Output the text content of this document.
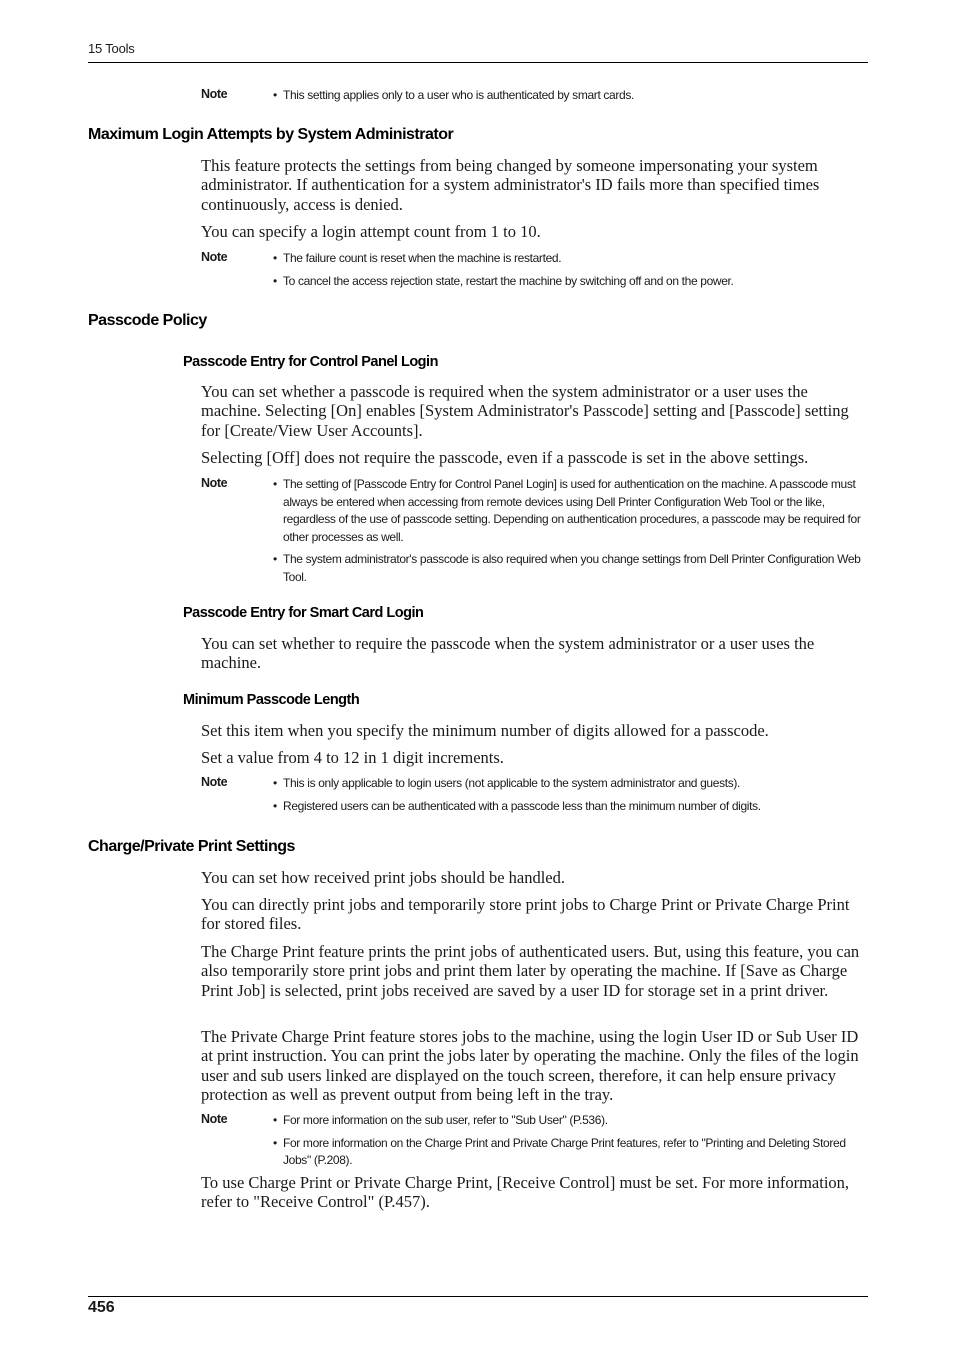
15 Tools
Note	• This setting applies only to a user who is authenticated by smart cards.
Maximum Login Attempts by System Administrator

This feature protects the settings from being changed by someone impersonating your system administrator. If authentication for a system administrator's ID fails more than specified times continuously, access is denied.

You can specify a login attempt count from 1 to 10.

Note	• The failure count is reset when the machine is restarted.
• To cancel the access rejection state, restart the machine by switching off and on the power.
Passcode Policy
Passcode Entry for Control Panel Login

You can set whether a passcode is required when the system administrator or a user uses the machine. Selecting [On] enables [System Administrator's Passcode] setting and [Passcode] setting for [Create/View User Accounts].

Selecting [Off] does not require the passcode, even if a passcode is set in the above settings.

Note	• The setting of [Passcode Entry for Control Panel Login] is used for authentication on the machine. A passcode must always be entered when accessing from remote devices using Dell Printer Configuration Web Tool or the like, regardless of the use of passcode setting. Depending on authentication procedures, a passcode may be required for other processes as well.
• The system administrator's passcode is also required when you change settings from Dell Printer Configuration Web Tool.
Passcode Entry for Smart Card Login

You can set whether to require the passcode when the system administrator or a user uses the machine.

Minimum Passcode Length

Set this item when you specify the minimum number of digits allowed for a passcode.

Set a value from 4 to 12 in 1 digit increments.

Note	• This is only applicable to login users (not applicable to the system administrator and guests).
• Registered users can be authenticated with a passcode less than the minimum number of digits.
Charge/Private Print Settings

You can set how received print jobs should be handled.

You can directly print jobs and temporarily store print jobs to Charge Print or Private Charge Print for stored files.

The Charge Print feature prints the print jobs of authenticated users. But, using this feature, you can also temporarily store print jobs and print them later by operating the machine. If [Save as Charge Print Job] is selected, print jobs received are saved by a user ID for storage set in a print driver.

The Private Charge Print feature stores jobs to the machine, using the login User ID or Sub User ID at print instruction. You can print the jobs later by operating the machine. Only the files of the login user and sub users linked are displayed on the touch screen, therefore, it can help ensure privacy protection as well as prevent output from being left in the tray.

Note	• For more information on the sub user, refer to "Sub User" (P.536).
• For more information on the Charge Print and Private Charge Print features, refer to "Printing and Deleting Stored Jobs" (P.208).

To use Charge Print or Private Charge Print, [Receive Control] must be set. For more information, refer to "Receive Control" (P.457).

456
